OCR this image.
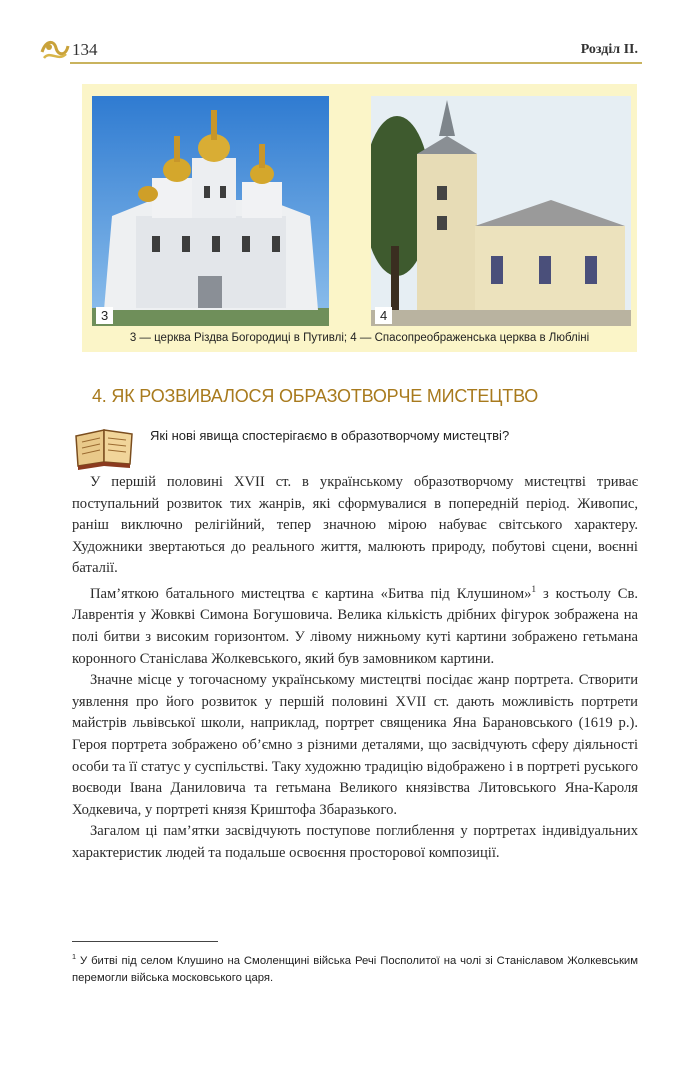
134	Розділ II.
3	4
3 — церква Різдва Богородиці в Путивлі; 4 — Спасопреображенська церква в Любліні
4. ЯК РОЗВИВАЛОСЯ ОБРАЗОТВОРЧЕ МИСТЕЦТВО
Які нові явища спостерігаємо в образотворчому мистецтві?

У першій половині XVII ст. в українському образотворчому мистецтві триває поступальний розвиток тих жанрів, які сформувалися в попередній період. Живопис, раніш виключно релігійний, тепер значною мірою набуває світського характеру. Художники звертаються до реального життя, малюють природу, побутові сцени, воєнні баталії.

Пам’яткою батального мистецтва є картина «Битва під Клушином»$^1$ з костьолу Св. Лаврентія у Жовкві Симона Богушовича. Велика кількість дрібних фігурок зображена на полі битви з високим горизонтом. У лівому нижньому куті картини зображено гетьмана коронного Станіслава Жолкевського, який був замовником картини.

Значне місце у тогочасному українському мистецтві посідає жанр портрета. Створити уявлення про його розвиток у першій половині XVII ст. дають можливість портрети майстрів львівської школи, наприклад, портрет священика Яна Барановського (1619 р.). Героя портрета зображено об’ємно з різними деталями, що засвідчують сферу діяльності особи та її статус у суспільстві. Таку художню традицію відображено і в портреті руського воєводи Івана Даниловича та гетьмана Великого князівства Литовського Яна-Кароля Ходкевича, у портреті князя Криштофа Збаразького.

Загалом ці пам’ятки засвідчують поступове поглиблення у портретах індивідуальних характеристик людей та подальше освоєння просторової композиції.

$^1$ У битві під селом Клушино на Смоленщині війська Речі Посполитої на чолі зі Станіславом Жолкевським перемогли війська московського царя.
